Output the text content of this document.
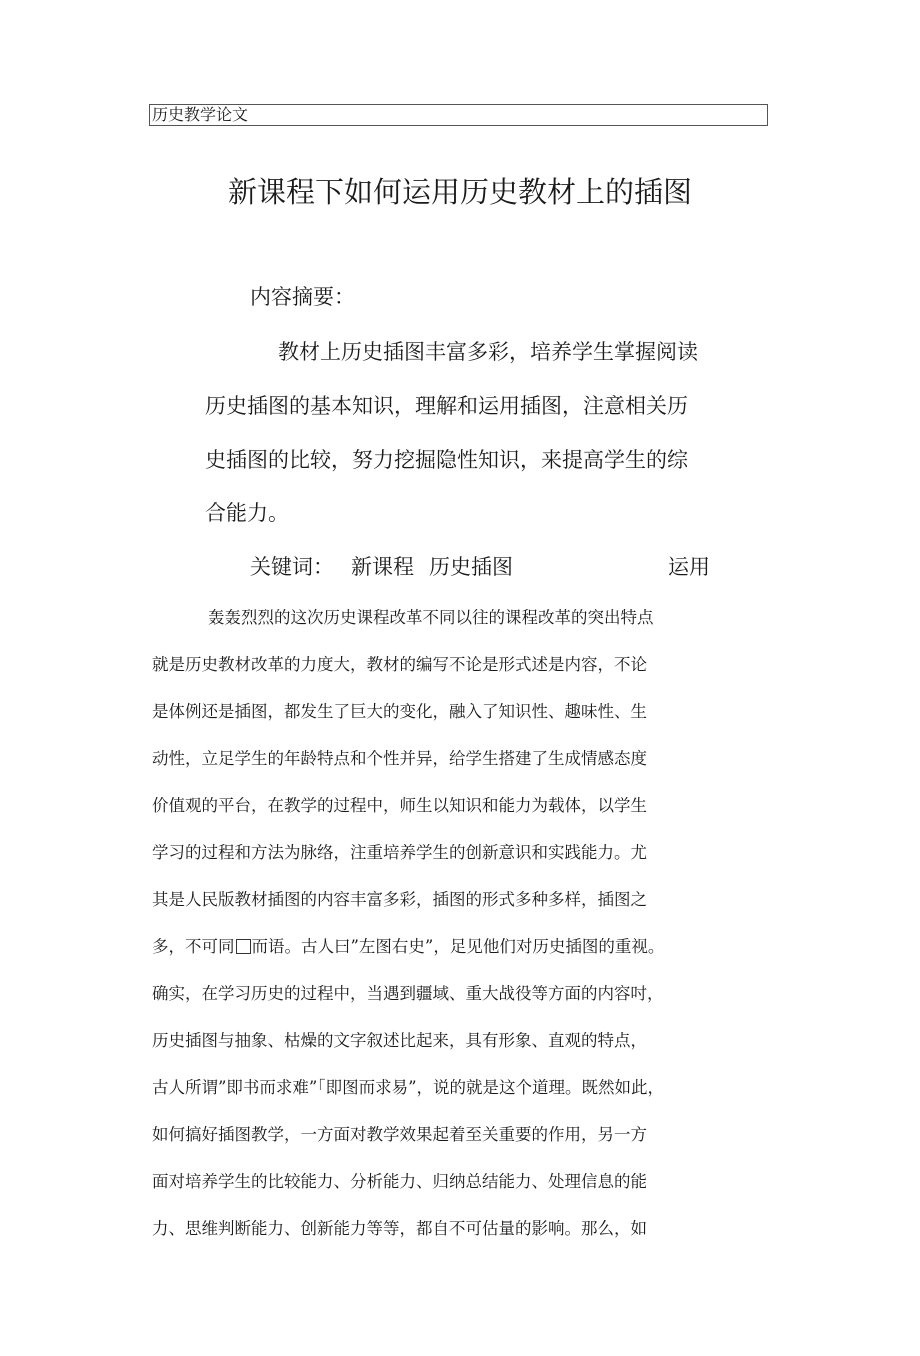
历史教学论文
新课程下如何运用历史教材上的插图
内容摘要：
教材上历史插图丰富多彩，培养学生掌握阅读
历史插图的基本知识，理解和运用插图，注意相关历
史插图的比较，努力挖掘隐性知识，来提高学生的综
合能力。
关键词： 新课程 历史插图	运用
轰轰烈烈的这次历史课程改革不同以往的课程改革的突出特点
就是历史教材改革的力度大，教材的编写不论是形式述是内容，不论
是体例还是插图，都发生了巨大的变化，融入了知识性、趣味性、生
动性，立足学生的年龄特点和个性并异，给学生搭建了生成情感态度
价值观的平台，在教学的过程中，师生以知识和能力为载体，以学生
学习的过程和方法为脉络，注重培养学生的创新意识和实践能力。尤
其是人民版教材插图的内容丰富多彩，插图的形式多种多样，插图之
多，不可同 而语。古人曰”左图右史”，足见他们对历史插图的重视。
确实，在学习历史的过程中，当遇到疆域、重大战役等方面的内容吋，
历史插图与抽象、枯燥的文字叙述比起来，具有形象、直观的特点，
古人所谓”即书而求难”「即图而求易”，说的就是这个道理。既然如此，
如何搞好插图教学，一方面对教学效果起着至关重要的作用，另一方
面对培养学生的比较能力、分析能力、归纳总结能力、处理信息的能
力、思维判断能力、创新能力等等，都自不可估量的影响。那么，如
